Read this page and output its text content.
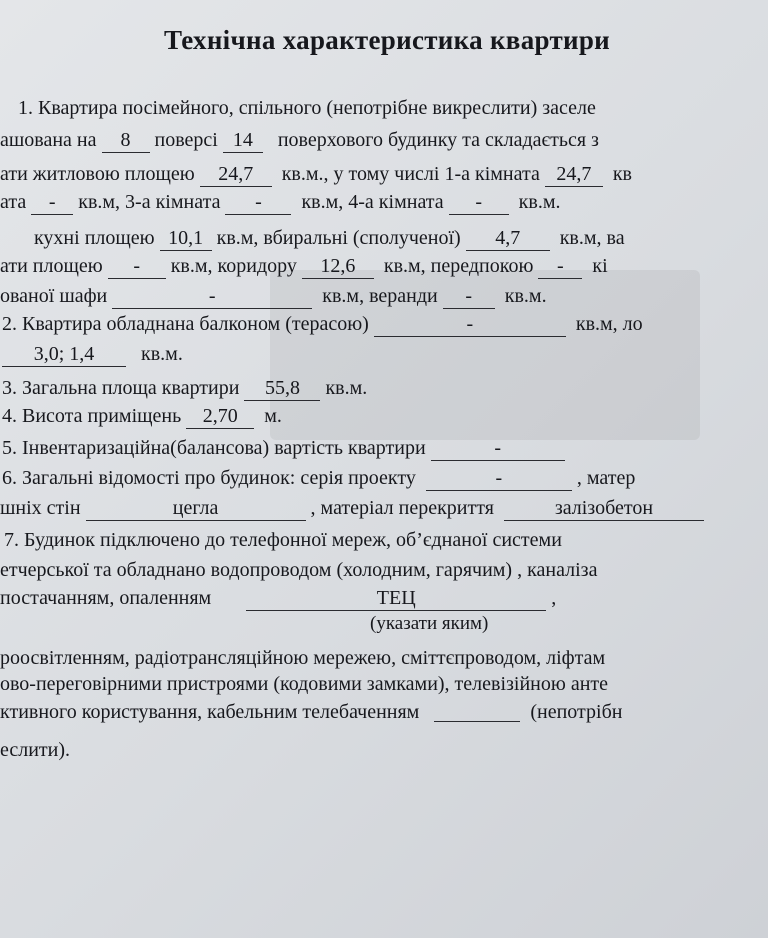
Технічна характеристика квартири
1. Квартира посімейного, спільного (непотрібне викреслити) заселе
ашована на 8 поверсі 14 поверхового будинку та складається з
ати житловою площею 24,7 кв.м., у тому числі 1-а кімната 24,7 кв
ата - кв.м, 3-а кімната - кв.м, 4-а кімната - кв.м.
кухні площею 10,1 кв.м, вбиральні (сполученої) 4,7 кв.м, ва
ати площею - кв.м, коридору 12,6 кв.м, передпокою - кі
ованої шафи	-	кв.м, веранди - кв.м.
2. Квартира обладнана балконом (терасою)	-	кв.м, ло
3,0; 1,4 кв.м.
3. Загальна площа квартири 55,8 кв.м.
4. Висота приміщень 2,70 м.
5. Інвентаризаційна(балансова) вартість квартири	-
6. Загальні відомості про будинок: серія проекту	-	, матер
шніх стін	цегла	, матеріал перекриття	залізобетон
7. Будинок підключено до телефонної мереж, об’єднаної системи
етчерської та обладнано водопроводом (холодним, гарячим) , каналіза
постачанням, опаленням	ТЕЦ	,
(указати яким)
роосвітленням, радіотрансляційною мережею, сміттєпроводом, ліфтам
ово-переговірними пристроями (кодовими замками), телевізійною анте
ктивного користування, кабельним телебаченням	(непотрібн
еслити).
